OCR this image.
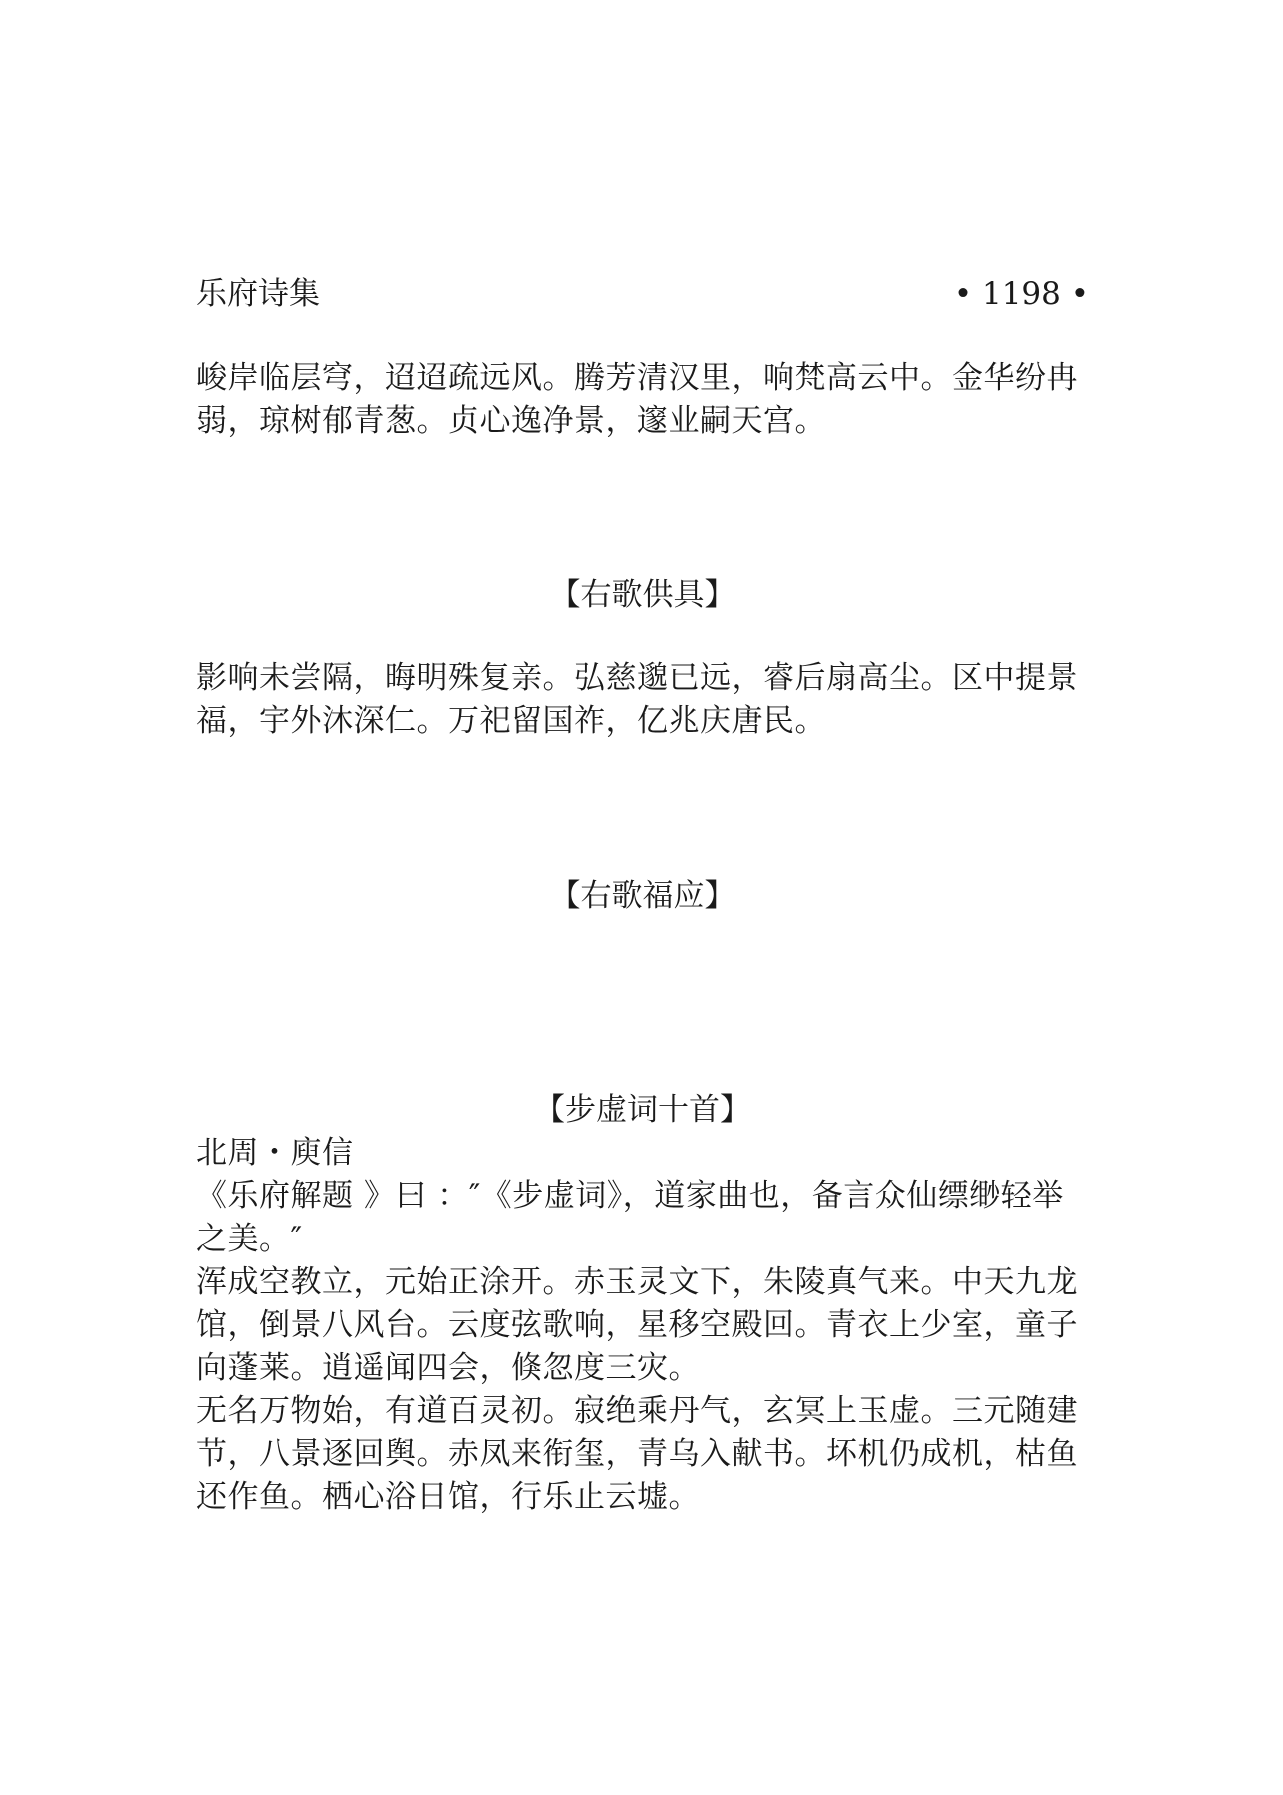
乐府诗集	• 1198 •

峻岸临层穹，迢迢疏远风。腾芳清汉里，响梵高云中。金华纷冉弱，琼树郁青葱。贞心逸净景，邃业嗣天宫。

【右歌供具】

影响未尝隔，晦明殊复亲。弘慈邈已远，睿后扇高尘。区中提景福，宇外沐深仁。万祀留国祚，亿兆庆唐民。

【右歌福应】
【步虚词十首】

北周・庾信

《乐府解题 》曰 ：″《步虚词》，道家曲也，备言众仙缥缈轻举之美。″

浑成空教立，元始正涂开。赤玉灵文下，朱陵真气来。中天九龙馆，倒景八风台。云度弦歌响，星移空殿回。青衣上少室，童子向蓬莱。逍遥闻四会，倏忽度三灾。

无名万物始，有道百灵初。寂绝乘丹气，玄冥上玉虚。三元随建节，八景逐回舆。赤凤来衔玺，青乌入献书。坏机仍成机，枯鱼还作鱼。栖心浴日馆，行乐止云墟。
